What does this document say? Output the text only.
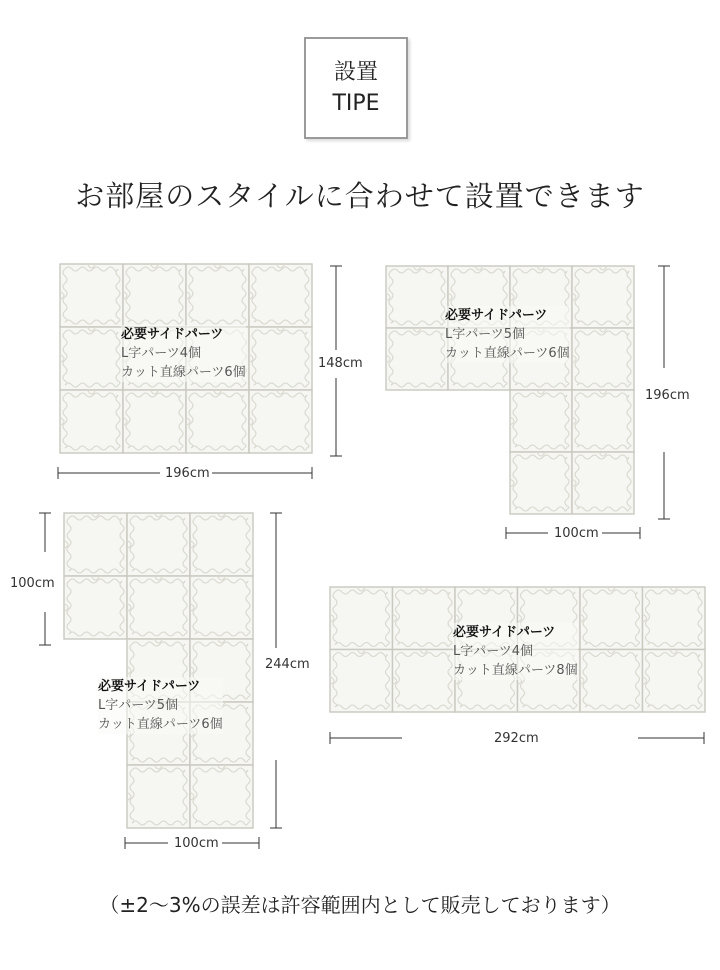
設置
TIPE
お部屋のスタイルに合わせて設置できます
必要サイドパーツ
L字パーツ4個
カット直線パーツ6個
196cm
148cm
必要サイドパーツ
L字パーツ5個
カット直線パーツ6個
100cm
196cm
必要サイドパーツ
L字パーツ5個
カット直線パーツ6個
100cm
244cm
100cm
必要サイドパーツ
L字パーツ4個
カット直線パーツ8個
292cm
（±2〜3%の誤差は許容範囲内として販売しております）
